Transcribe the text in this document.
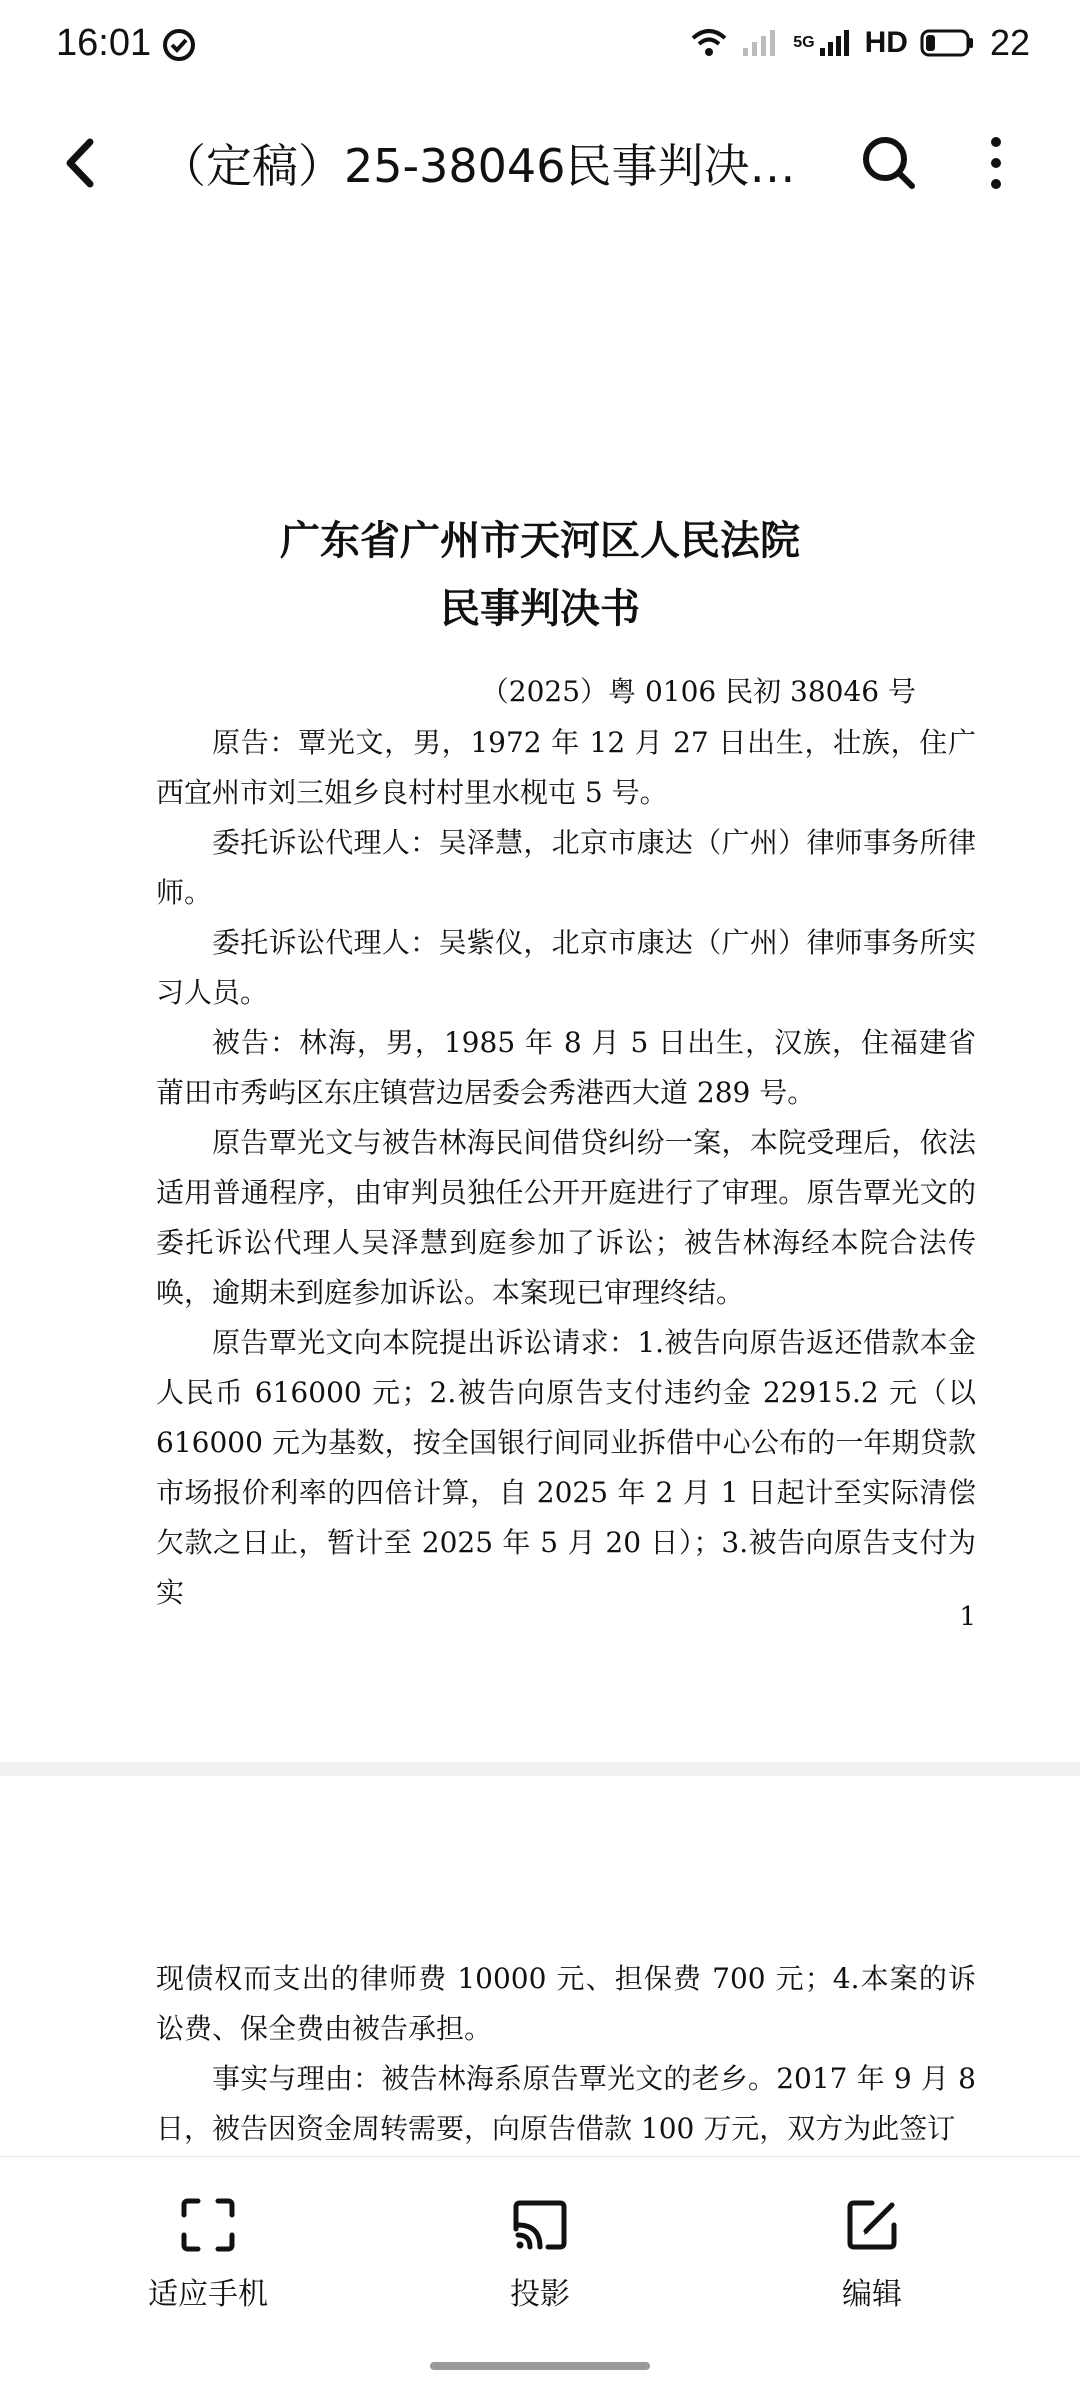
16:01	5G HD 22
（定稿）25-38046民事判决…
广东省广州市天河区人民法院
民事判决书
（2025）粤 0106 民初 38046 号

原告：覃光文，男，1972 年 12 月 27 日出生，壮族，住广西宜州市刘三姐乡良村村里水枧屯 5 号。

委托诉讼代理人：吴泽慧，北京市康达（广州）律师事务所律师。

委托诉讼代理人：吴紫仪，北京市康达（广州）律师事务所实习人员。

被告：林海，男，1985 年 8 月 5 日出生，汉族，住福建省莆田市秀屿区东庄镇营边居委会秀港西大道 289 号。

原告覃光文与被告林海民间借贷纠纷一案，本院受理后，依法适用普通程序，由审判员独任公开开庭进行了审理。原告覃光文的委托诉讼代理人吴泽慧到庭参加了诉讼；被告林海经本院合法传唤，逾期未到庭参加诉讼。本案现已审理终结。

原告覃光文向本院提出诉讼请求：1.被告向原告返还借款本金人民币 616000 元；2.被告向原告支付违约金 22915.2 元（以 616000 元为基数，按全国银行间同业拆借中心公布的一年期贷款市场报价利率的四倍计算，自 2025 年 2 月 1 日起计至实际清偿欠款之日止，暂计至 2025 年 5 月 20 日）；3.被告向原告支付为实

1

现债权而支出的律师费 10000 元、担保费 700 元；4.本案的诉讼费、保全费由被告承担。

事实与理由：被告林海系原告覃光文的老乡。2017 年 9 月 8 日，被告因资金周转需要，向原告借款 100 万元，双方为此签订

适应手机	投影	编辑
